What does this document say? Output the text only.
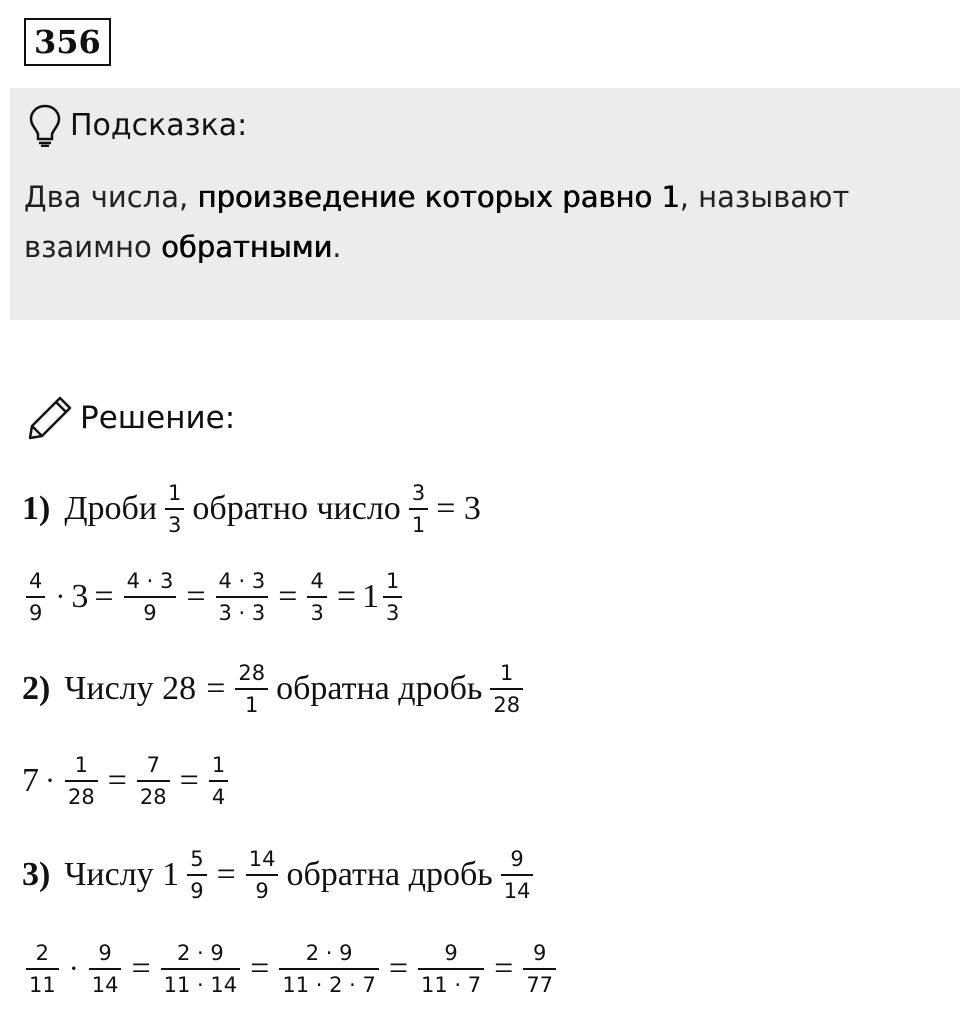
356
Подсказка:
Два числа, произведение которых равно 1, называют взаимно обратными.
Решение:
1) Дроби $\frac{1}{3}$ обратно число $\frac{3}{1} = 3$
$\frac{4}{9} \cdot 3 = \frac{4 \cdot 3}{9} = \frac{4 \cdot 3}{3 \cdot 3} = \frac{4}{3} = 1 \frac{1}{3}$
2) Числу $28 = \frac{28}{1}$ обратна дробь $\frac{1}{28}$
$7 \cdot \frac{1}{28} = \frac{7}{28} = \frac{1}{4}$
3) Числу $1 \frac{5}{9} = \frac{14}{9}$ обратна дробь $\frac{9}{14}$
$\frac{2}{11} \cdot \frac{9}{14} = \frac{2 \cdot 9}{11 \cdot 14} = \frac{2 \cdot 9}{11 \cdot 2 \cdot 7} = \frac{9}{11 \cdot 7} = \frac{9}{77}$
